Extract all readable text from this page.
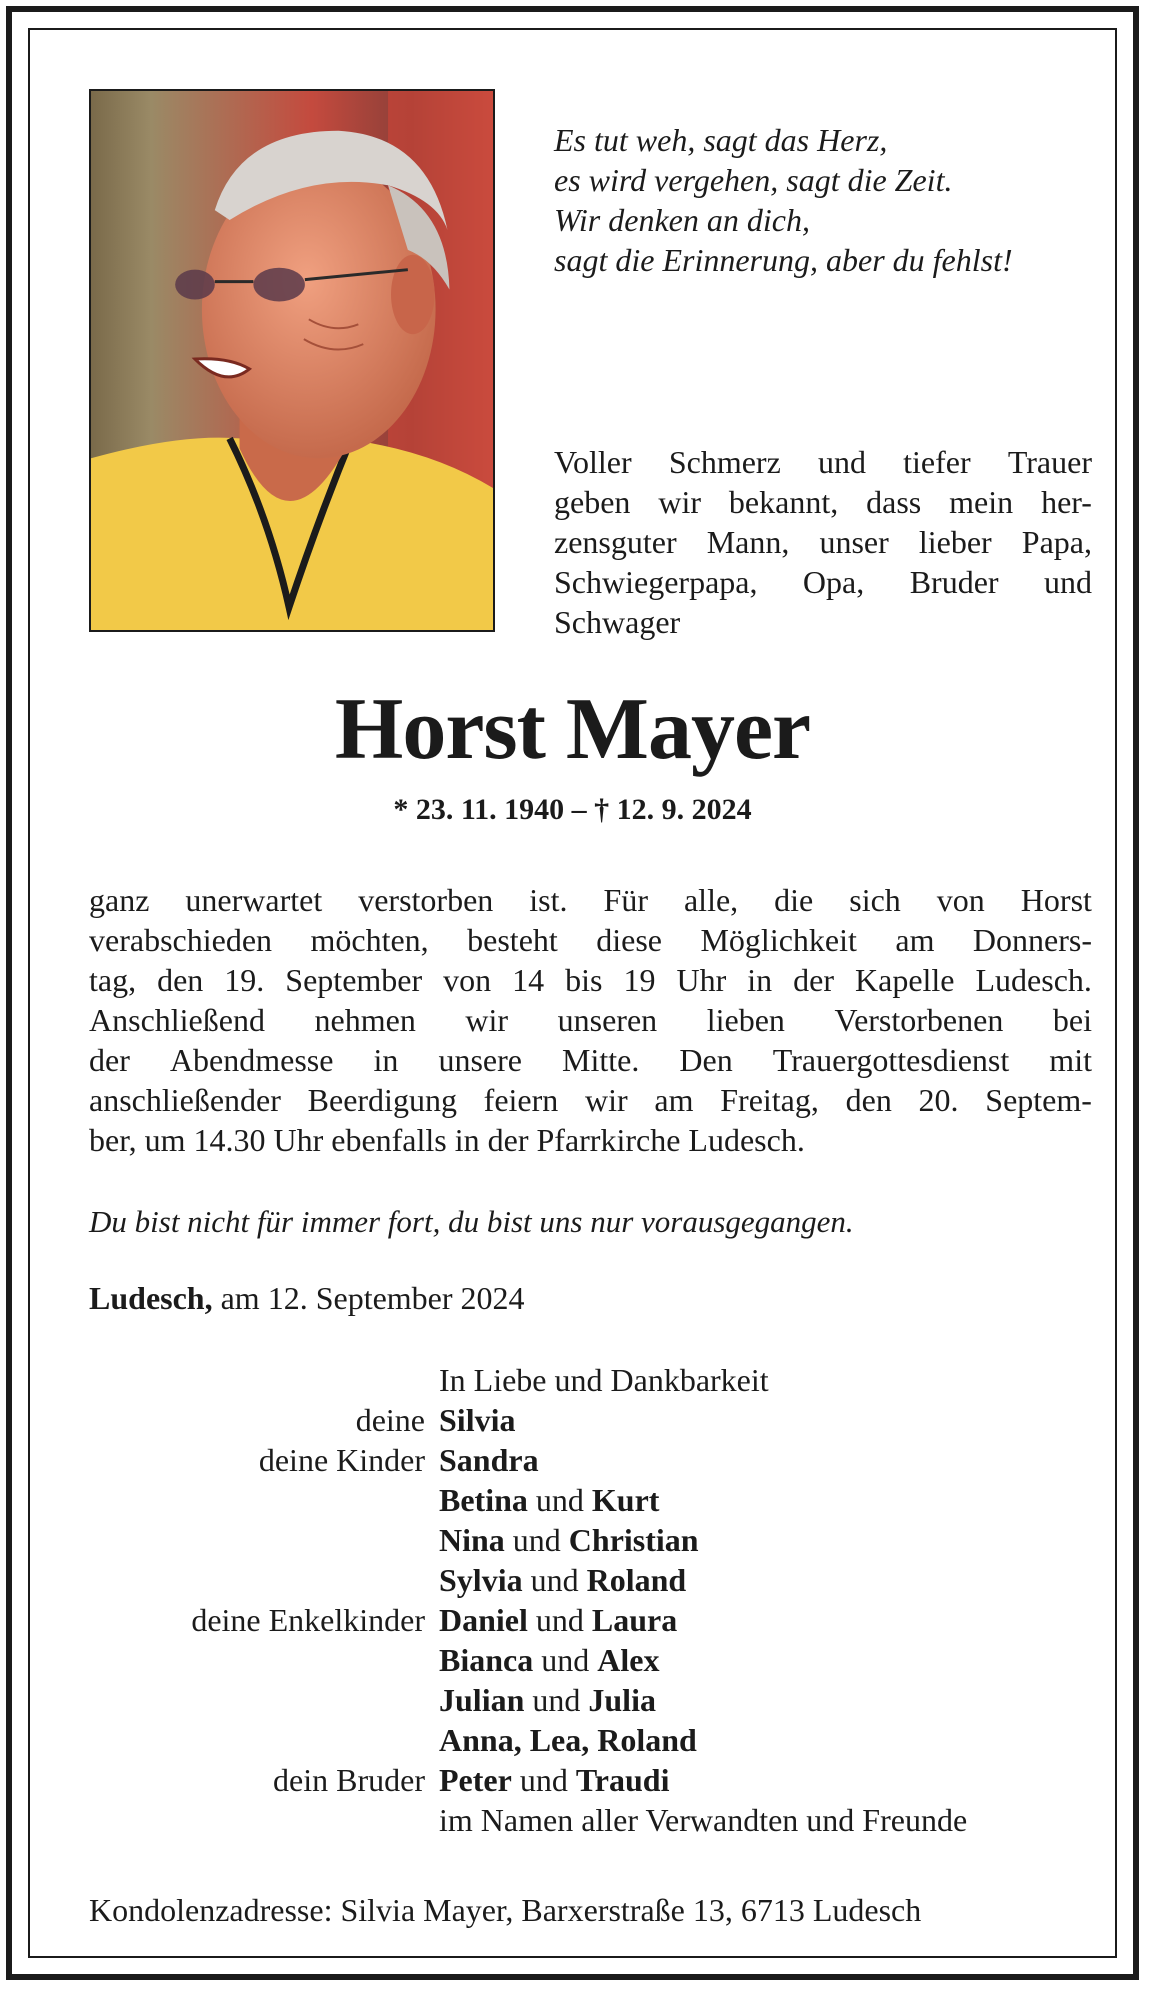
Es tut weh, sagt das Herz,
es wird vergehen, sagt die Zeit.
Wir denken an dich,
sagt die Erinnerung, aber du fehlst!
Voller Schmerz und tiefer Trauer
geben wir bekannt, dass mein her-
zensguter Mann, unser lieber Papa,
Schwiegerpapa, Opa, Bruder und
Schwager
Horst Mayer
* 23. 11. 1940 – † 12. 9. 2024
ganz unerwartet verstorben ist. Für alle, die sich von Horst
verabschieden möchten, besteht diese Möglichkeit am Donners-
tag, den 19. September von 14 bis 19 Uhr in der Kapelle Ludesch.
Anschließend nehmen wir unseren lieben Verstorbenen bei
der Abendmesse in unsere Mitte. Den Trauergottesdienst mit
anschließender Beerdigung feiern wir am Freitag, den 20. Septem-
ber, um 14.30 Uhr ebenfalls in der Pfarrkirche Ludesch.
Du bist nicht für immer fort, du bist uns nur vorausgegangen.
Ludesch, am 12. September 2024
In Liebe und Dankbarkeit
deine Silvia
deine Kinder Sandra
Betina und Kurt
Nina und Christian
Sylvia und Roland
deine Enkelkinder Daniel und Laura
Bianca und Alex
Julian und Julia
Anna, Lea, Roland
dein Bruder Peter und Traudi
im Namen aller Verwandten und Freunde
Kondolenzadresse: Silvia Mayer, Barxerstraße 13, 6713 Ludesch
